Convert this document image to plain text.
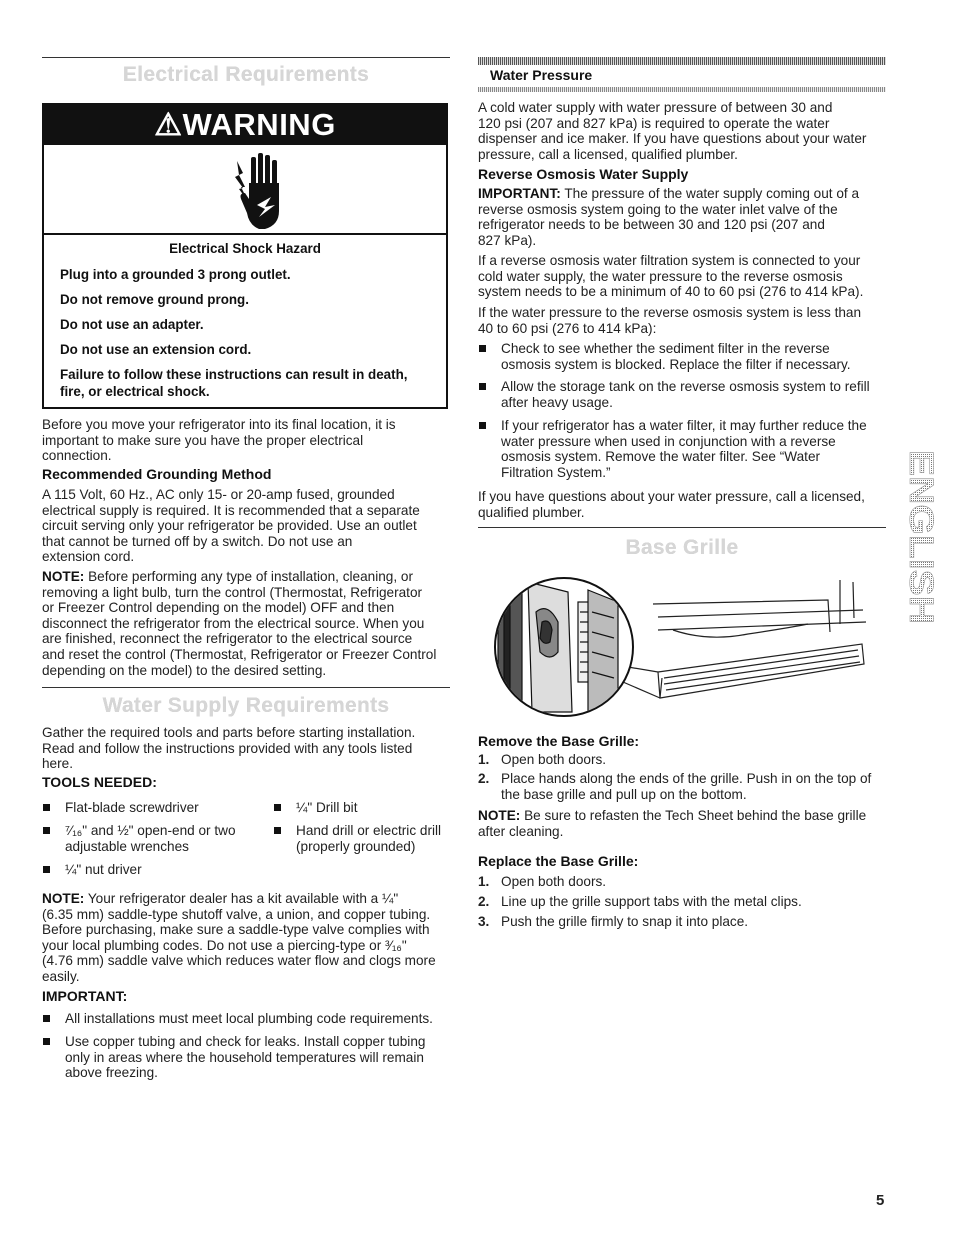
Electrical Requirements
⚠WARNING
Electrical Shock Hazard
Plug into a grounded 3 prong outlet.
Do not remove ground prong.
Do not use an adapter.
Do not use an extension cord.
Failure to follow these instructions can result in death,
fire, or electrical shock.
Before you move your refrigerator into its final location, it is
important to make sure you have the proper electrical
connection.
Recommended Grounding Method
A 115 Volt, 60 Hz., AC only 15- or 20-amp fused, grounded
electrical supply is required. It is recommended that a separate
circuit serving only your refrigerator be provided. Use an outlet
that cannot be turned off by a switch. Do not use an
extension cord.
NOTE: Before performing any type of installation, cleaning, or
removing a light bulb, turn the control (Thermostat, Refrigerator
or Freezer Control depending on the model) OFF and then
disconnect the refrigerator from the electrical source. When you
are finished, reconnect the refrigerator to the electrical source
and reset the control (Thermostat, Refrigerator or Freezer Control
depending on the model) to the desired setting.
Water Supply Requirements
Gather the required tools and parts before starting installation.
Read and follow the instructions provided with any tools listed
here.
TOOLS NEEDED:
Flat-blade screwdriver
⁷⁄₁₆" and ½" open-end or two
adjustable wrenches
¼" nut driver
¼" Drill bit
Hand drill or electric drill
(properly grounded)
NOTE: Your refrigerator dealer has a kit available with a ¼"
(6.35 mm) saddle-type shutoff valve, a union, and copper tubing.
Before purchasing, make sure a saddle-type valve complies with
your local plumbing codes. Do not use a piercing-type or ³⁄₁₆"
(4.76 mm) saddle valve which reduces water flow and clogs more
easily.
IMPORTANT:
All installations must meet local plumbing code requirements.
Use copper tubing and check for leaks. Install copper tubing
only in areas where the household temperatures will remain
above freezing.
Water Pressure
A cold water supply with water pressure of between 30 and
120 psi (207 and 827 kPa) is required to operate the water
dispenser and ice maker. If you have questions about your water
pressure, call a licensed, qualified plumber.
Reverse Osmosis Water Supply
IMPORTANT: The pressure of the water supply coming out of a
reverse osmosis system going to the water inlet valve of the
refrigerator needs to be between 30 and 120 psi (207 and
827 kPa).
If a reverse osmosis water filtration system is connected to your
cold water supply, the water pressure to the reverse osmosis
system needs to be a minimum of 40 to 60 psi (276 to 414 kPa).
If the water pressure to the reverse osmosis system is less than
40 to 60 psi (276 to 414 kPa):
Check to see whether the sediment filter in the reverse
osmosis system is blocked. Replace the filter if necessary.
Allow the storage tank on the reverse osmosis system to refill
after heavy usage.
If your refrigerator has a water filter, it may further reduce the
water pressure when used in conjunction with a reverse
osmosis system. Remove the water filter. See “Water
Filtration System.”
If you have questions about your water pressure, call a licensed,
qualified plumber.
Base Grille
Remove the Base Grille:
1. Open both doors.
2. Place hands along the ends of the grille. Push in on the top of
the base grille and pull up on the bottom.
NOTE: Be sure to refasten the Tech Sheet behind the base grille
after cleaning.
Replace the Base Grille:
1. Open both doors.
2. Line up the grille support tabs with the metal clips.
3. Push the grille firmly to snap it into place.
ENGLISH
5
